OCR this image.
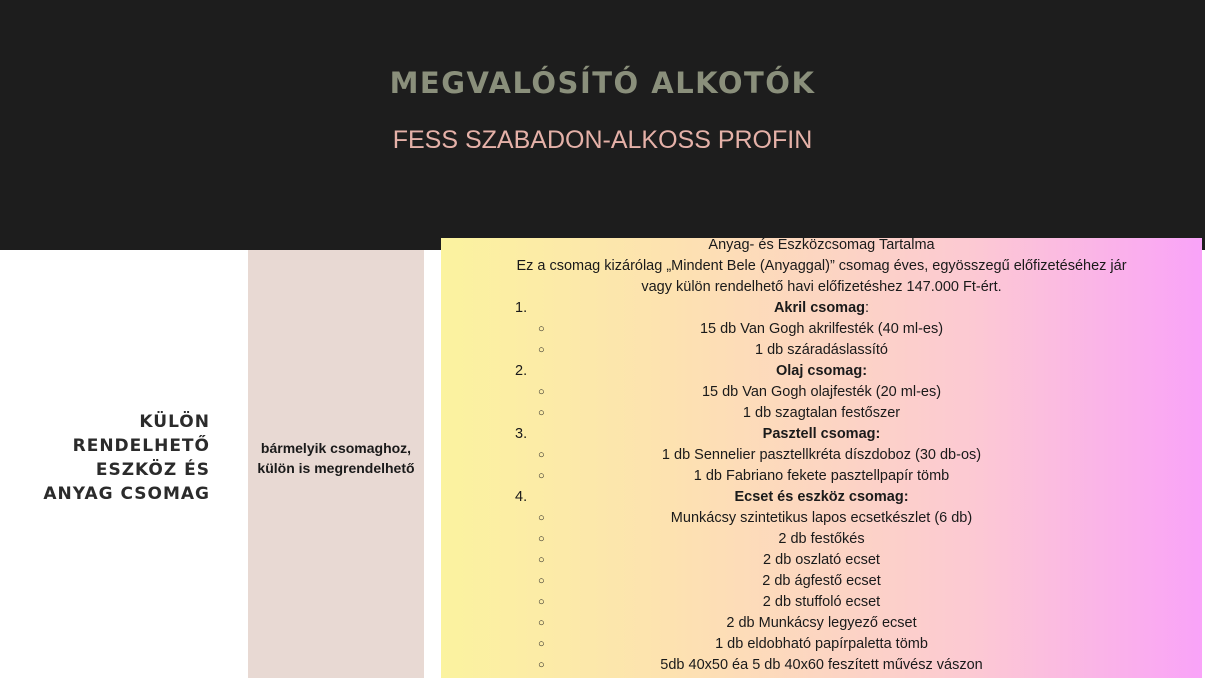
MEGVALÓSÍTÓ ALKOTÓK
FESS SZABADON-ALKOSS PROFIN
KÜLÖN
RENDELHETŐ
ESZKÖZ ÉS
ANYAG CSOMAG
bármelyik csomaghoz,
külön is megrendelhető
Anyag- és Eszközcsomag Tartalma
Ez a csomag kizárólag „Mindent Bele (Anyaggal)” csomag éves, egyösszegű előfizetéséhez jár
vagy külön rendelhető havi előfizetéshez 147.000 Ft-ért.
1.	Akril csomag:
○	15 db Van Gogh akrilfesték (40 ml-es)
○	1 db száradáslassító
2.	Olaj csomag:
○	15 db Van Gogh olajfesték (20 ml-es)
○	1 db szagtalan festőszer
3.	Pasztell csomag:
○	1 db Sennelier pasztellkréta díszdoboz (30 db-os)
○	1 db Fabriano fekete pasztellpapír tömb
4.	Ecset és eszköz csomag:
○	Munkácsy szintetikus lapos ecsetkészlet (6 db)
○	2 db festőkés
○	2 db oszlató ecset
○	2 db ágfestő ecset
○	2 db stuffoló ecset
○	2 db Munkácsy legyező ecset
○	1 db eldobható papírpaletta tömb
○	5db 40x50 éa 5 db 40x60 feszített művész vászon
